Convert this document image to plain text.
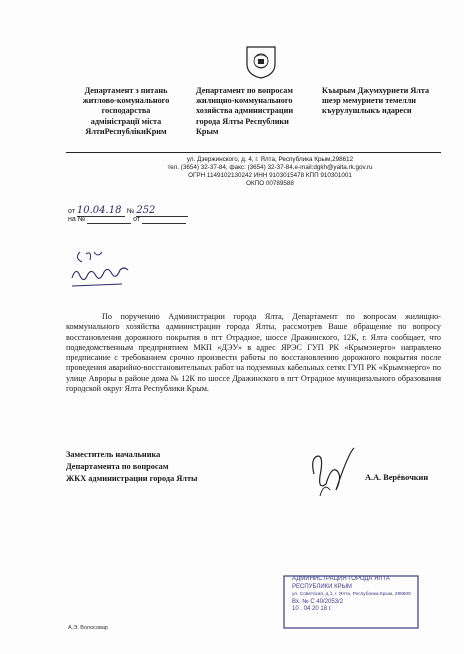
Департамент з питань
житлово-комунального
господарства
адміністрації міста
ЯлтиРеспублікиКрим
Департамент по вопросам
жилищно-коммунального
хозяйства администрации
города Ялты Республики
Крым
Къырым Джумхуриети Ялта
шеэр мемуриети темелли
къурулушлыкъ идареси
ул. Дзержинского, д. 4, г. Ялта, Республика Крым,298612
тел. (3654) 32-37-84, факс: (3654) 32-37-84,e-mail:dgkh@yalta.rk.gov.ru
ОГРН 1149102130242 ИНН 9103015478 КПП 910301001
ОКПО 00789588
от 10.04.18 № 252
на №	от

По поручению Администрации города Ялта, Департамент по вопросам жилищно-коммунального хозяйства администрации города Ялты, рассмотрев Ваше обращение по вопросу восстановления дорожного покрытия в пгт Отрадное, шоссе Дражинского, 12К, г. Ялта сообщает, что подведомственным предприятием МКП «ДЭУ» в адрес ЯРЭС ГУП РК «Крымэнерго» направлено предписание с требованием срочно произвести работы по восстановлению дорожного покрытия после проведения аварийно-восстановительных работ на подземных кабельных сетях ГУП РК «Крымэнерго» по улице Авроры в районе дома № 12К по шоссе Дражинского в пгт Отрадное муниципального образования городской округ Ялта Республики Крым.

Заместитель начальника
Департамента по вопросам
ЖКХ администрации города Ялты	А.А. Верёвочкин
АДМИНИСТРАЦИЯ ГОРОДА ЯЛТА
РЕСПУБЛИКИ КРЫМ
ул. Советская, д.1, г. Ялта, Республика Крым, 298600
Вх. № С 40/2053/2
10 . 04 20 18 г.
А.Э. Волосовар
